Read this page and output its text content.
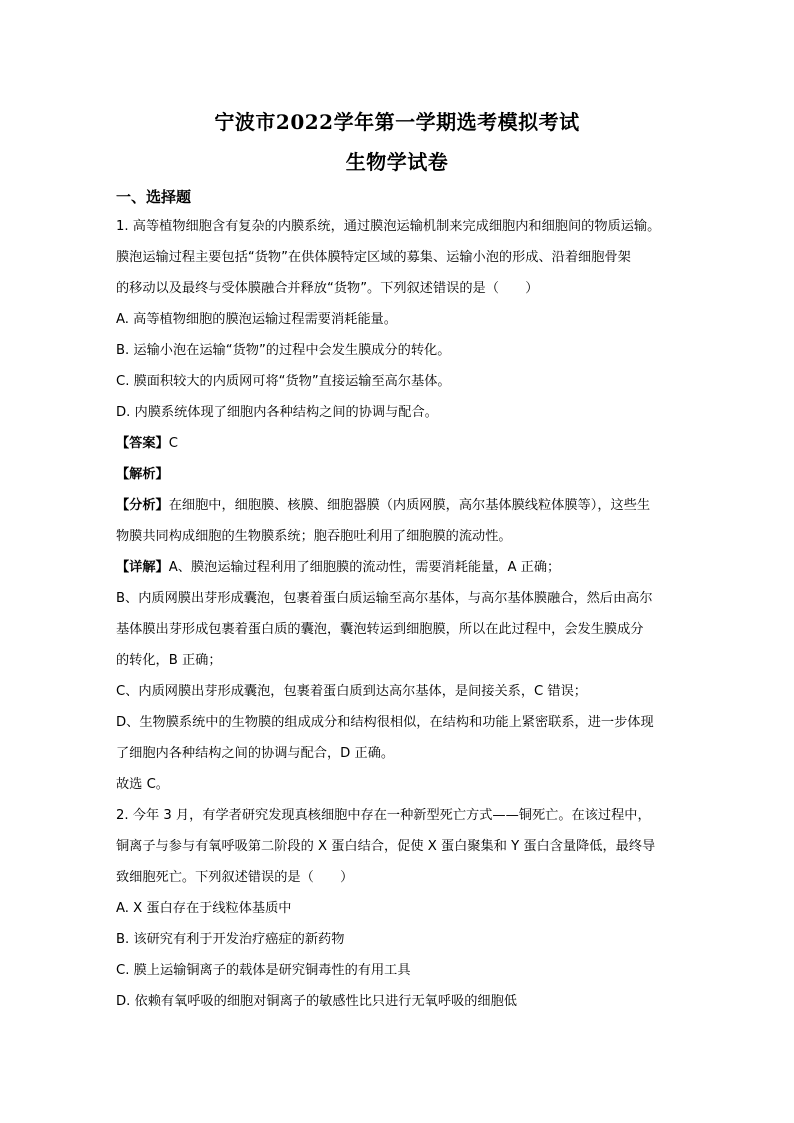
宁波市2022学年第一学期选考模拟考试
生物学试卷
一、选择题
1. 高等植物细胞含有复杂的内膜系统，通过膜泡运输机制来完成细胞内和细胞间的物质运输。
膜泡运输过程主要包括“货物”在供体膜特定区域的募集、运输小泡的形成、沿着细胞骨架
的移动以及最终与受体膜融合并释放“货物”。下列叙述错误的是（　　）
A. 高等植物细胞的膜泡运输过程需要消耗能量。
B. 运输小泡在运输“货物”的过程中会发生膜成分的转化。
C. 膜面积较大的内质网可将“货物”直接运输至高尔基体。
D. 内膜系统体现了细胞内各种结构之间的协调与配合。
【答案】C
【解析】
【分析】在细胞中，细胞膜、核膜、细胞器膜（内质网膜，高尔基体膜线粒体膜等），这些生
物膜共同构成细胞的生物膜系统；胞吞胞吐利用了细胞膜的流动性。
【详解】A、膜泡运输过程利用了细胞膜的流动性，需要消耗能量，A 正确；
B、内质网膜出芽形成囊泡，包裹着蛋白质运输至高尔基体，与高尔基体膜融合，然后由高尔
基体膜出芽形成包裹着蛋白质的囊泡，囊泡转运到细胞膜，所以在此过程中，会发生膜成分
的转化，B 正确；
C、内质网膜出芽形成囊泡，包裹着蛋白质到达高尔基体，是间接关系，C 错误；
D、生物膜系统中的生物膜的组成成分和结构很相似，在结构和功能上紧密联系，进一步体现
了细胞内各种结构之间的协调与配合，D 正确。
故选 C。
2. 今年 3 月，有学者研究发现真核细胞中存在一种新型死亡方式——铜死亡。在该过程中，
铜离子与参与有氧呼吸第二阶段的 X 蛋白结合，促使 X 蛋白聚集和 Y 蛋白含量降低，最终导
致细胞死亡。下列叙述错误的是（　　）
A. X 蛋白存在于线粒体基质中
B. 该研究有利于开发治疗癌症的新药物
C. 膜上运输铜离子的载体是研究铜毒性的有用工具
D. 依赖有氧呼吸的细胞对铜离子的敏感性比只进行无氧呼吸的细胞低
